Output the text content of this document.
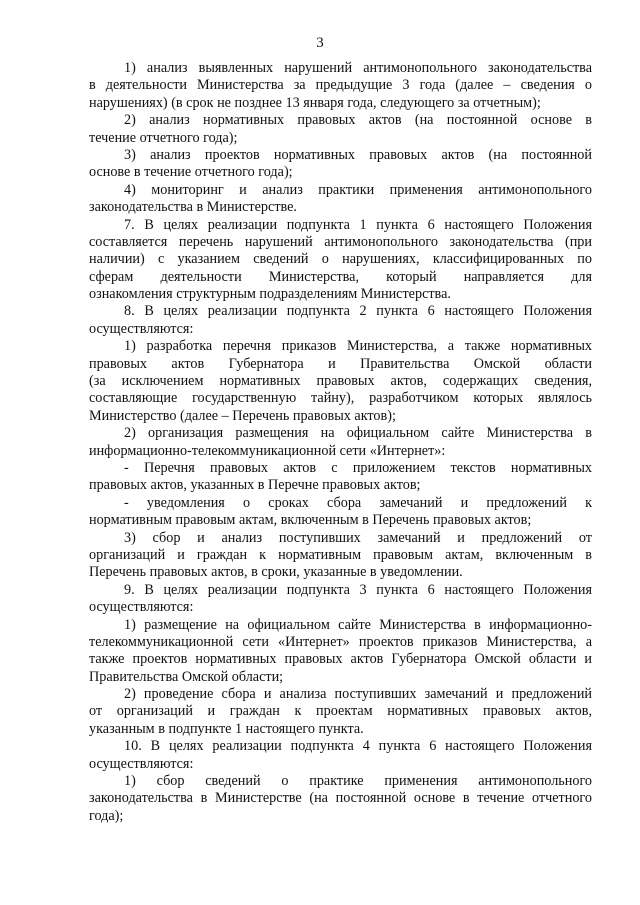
3
1) анализ выявленных нарушений антимонопольного законодательства
в деятельности Министерства за предыдущие 3 года (далее – сведения о
нарушениях) (в срок не позднее 13 января года, следующего за отчетным);
2) анализ нормативных правовых актов (на постоянной основе в
течение отчетного года);
3) анализ проектов нормативных правовых актов (на постоянной
основе в течение отчетного года);
4) мониторинг и анализ практики применения антимонопольного
законодательства в Министерстве.
7. В целях реализации подпункта 1 пункта 6 настоящего Положения
составляется перечень нарушений антимонопольного законодательства (при
наличии) с указанием сведений о нарушениях, классифицированных по
сферам деятельности Министерства, который направляется для
ознакомления структурным подразделениям Министерства.
8. В целях реализации подпункта 2 пункта 6 настоящего Положения
осуществляются:
1) разработка перечня приказов Министерства, а также нормативных
правовых актов Губернатора и Правительства Омской области
(за исключением нормативных правовых актов, содержащих сведения,
составляющие государственную тайну), разработчиком которых являлось
Министерство (далее – Перечень правовых актов);
2) организация размещения на официальном сайте Министерства в
информационно-телекоммуникационной сети «Интернет»:
- Перечня правовых актов с приложением текстов нормативных
правовых актов, указанных в Перечне правовых актов;
- уведомления о сроках сбора замечаний и предложений к
нормативным правовым актам, включенным в Перечень правовых актов;
3) сбор и анализ поступивших замечаний и предложений от
организаций и граждан к нормативным правовым актам, включенным в
Перечень правовых актов, в сроки, указанные в уведомлении.
9. В целях реализации подпункта 3 пункта 6 настоящего Положения
осуществляются:
1) размещение на официальном сайте Министерства в информационно-
телекоммуникационной сети «Интернет» проектов приказов Министерства, а
также проектов нормативных правовых актов Губернатора Омской области и
Правительства Омской области;
2) проведение сбора и анализа поступивших замечаний и предложений
от организаций и граждан к проектам нормативных правовых актов,
указанным в подпункте 1 настоящего пункта.
10. В целях реализации подпункта 4 пункта 6 настоящего Положения
осуществляются:
1) сбор сведений о практике применения антимонопольного
законодательства в Министерстве (на постоянной основе в течение отчетного
года);
